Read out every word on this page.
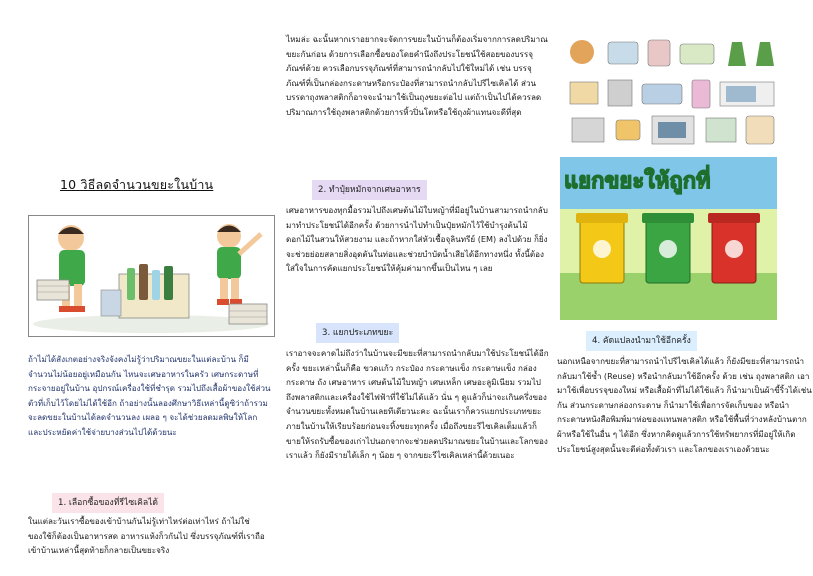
10 วิธีลดจำนวนขยะในบ้าน

ถ้าไม่ได้สังเกตอย่างจริงจังคงไม่รู้ว่าปริมาณขยะในแต่ละบ้าน ก็มีจำนวนไม่น้อยอยู่เหมือนกัน ไหนจะเศษอาหารในครัว เศษกระดาษที่กระจายอยู่ในบ้าน อุปกรณ์เครื่องใช้ที่ชำรุด รวมไปถึงเสื้อผ้าของใช้ส่วนตัวที่เก็บไว้โดยไม่ได้ใช้อีก ถ้าอย่างนั้นลองศึกษาวิธีเหล่านี้ดูซิว่าถ้ารวมจะลดขยะในบ้านได้ลดจำนวนลง เผลอ ๆ จะได้ช่วยลดมลพิษให้โลก และประหยัดค่าใช้จ่ายบางส่วนไปได้ด้วยนะ

1. เลือกซื้อของที่รีไซเคิลได้

ในแต่ละวันเราซื้อของเข้าบ้านกันไม่รู้เท่าไหร่ต่อเท่าไหร่ ถ้าไม่ใช่ของใช้ก็ต้องเป็นอาหารสด อาหารแห้งก็วกันไป ซึ่งบรรจุภัณฑ์ที่เราถือเข้าบ้านเหล่านี้สุดท้ายก็กลายเป็นขยะจริง

ไหมล่ะ ฉะนั้นหากเราอยากจะจัดการขยะในบ้านก็ต้องเริ่มจากการลดปริมาณขยะกันก่อน ด้วยการเลือกซื้อของโดยคำนึงถึงประโยชน์ใช้สอยของบรรจุภัณฑ์ด้วย ควรเลือกบรรจุภัณฑ์ที่สามารถนำกลับไปใช้ใหม่ได้ เช่น บรรจุภัณฑ์ที่เป็นกล่องกระดาษหรือกระป๋องที่สามารถนำกลับไปรีไซเคิลได้ ส่วนบรรดาถุงพลาสติกก็อาจจะนำมาใช้เป็นถุงขยะต่อไป แต่ถ้าเป็นไปได้ควรลดปริมาณการใช้ถุงพลาสติกด้วยการหิ้วปิ่นโตหรือใช้ถุงผ้าแทนจะดีที่สุด

2. ทำปุ๋ยหมักจากเศษอาหาร

เศษอาหารของทุกมื้อรวมไปถึงเศษต้นไม้ใบหญ้าที่มีอยู่ในบ้านสามารถนำกลับมาทำประโยชน์ได้อีกครั้ง ด้วยการนำไปทำเป็นปุ๋ยหมักไว้ใช้บำรุงต้นไม้ ดอกไม้ในสวนให้สวยงาม และถ้าหากใส่หัวเชื้อจุลินทรีย์ (EM) ลงไปด้วย ก็ยิ่งจะช่วยย่อยสลายสิ่งอุดตันในท่อและช่วยบำบัดน้ำเสียได้อีกทางหนึ่ง ทั้งนี้ต้องใส่ใจในการคัดแยกประโยชน์ให้คุ้มค่ามากขึ้นเป็นไหน ๆ เลย

3. แยกประเภทขยะ

เราอาจจะคาดไม่ถึงว่าในบ้านจะมีขยะที่สามารถนำกลับมาใช้ประโยชน์ได้อีกครั้ง ขยะเหล่านั้นก็คือ ขวดแก้ว กระป๋อง กระดาษแข็ง กระดาษแข็ง กล่องกระดาษ ถัง เศษอาหาร เศษต้นไม้ใบหญ้า เศษเหล็ก เศษอะลูมิเนียม รวมไปถึงพลาสติกและเครื่องใช้ไฟฟ้าที่ใช้ไม่ได้แล้ว นั่น ๆ ดูแล้วก็น่าจะเกินครึ่งของจำนวนขยะทั้งหมดในบ้านเลยทีเดียวนะคะ ฉะนั้นเราก็ควรแยกประเภทขยะภายในบ้านให้เรียบร้อยก่อนจะทิ้งขยะทุกครั้ง เมื่อถึงขยะรีไซเคิลเต็มแล้วก็ขายให้รถรับซื้อของเก่าไปนอกจากจะช่วยลดปริมาณขยะในบ้านและโลกของเราแล้ว ก็ยังมีรายได้เล็ก ๆ น้อย ๆ จากขยะรีไซเคิลเหล่านี้ด้วยเนอะ

แยกขยะให้ถูกที่
4. คัดแปลงนำมาใช้อีกครั้ง

นอกเหนือจากขยะที่สามารถนำไปรีไซเคิลได้แล้ว ก็ยังมีขยะที่สามารถนำกลับมาใช้ซ้ำ (Reuse) หรือนำกลับมาใช้อีกครั้ง ด้วย เช่น ถุงพลาสติก เอามาใช้เพื่อบรรจุของใหม่ หรือเสื้อผ้าที่ไม่ได้ใช้แล้ว ก็นำมาเป็นผ้าขี้ริ้วได้เช่นกัน ส่วนกระดาษกล่องกระดาษ ก็นำมาใช้เพื่อการจัดเก็บของ หรือนำกระดาษหนังสือพิมพ์มาห่อของแทนพลาสติก หรือใช้พื้นที่ว่างหลังบ้านตากผ้าหรือใช้ในอื่น ๆ ได้อีก ซึ่งหากคิดดูแล้วการใช้ทรัพยากรที่มีอยู่ให้เกิดประโยชน์สูงสุดนั้นจะดีต่อทั้งตัวเรา และโลกของเราเองด้วยนะ
